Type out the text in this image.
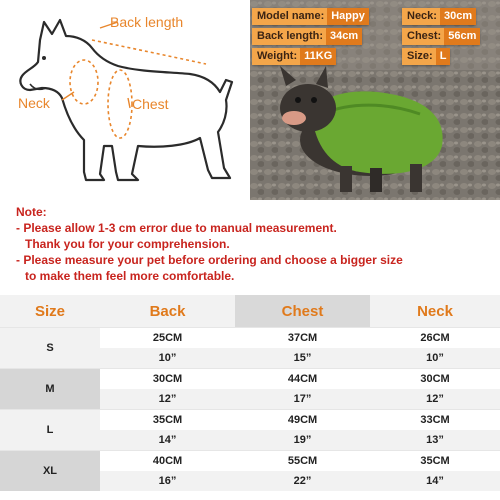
Back length
Neck	Chest
Model name: Happy	Neck: 30cm
Back length: 34cm	Chest: 56cm
Weight: 11KG	Size: L
Note:
- Please allow 1-3 cm error due to manual measurement.
Thank you for your comprehension.
- Please measure your pet before ordering and choose a bigger size
to make them feel more comfortable.
Size	Back	Chest	Neck
S	25CM	37CM	26CM
	10”	15”	10”
M	30CM	44CM	30CM
	12”	17”	12”
L	35CM	49CM	33CM
	14”	19”	13”
XL	40CM	55CM	35CM
	16”	22”	14”
